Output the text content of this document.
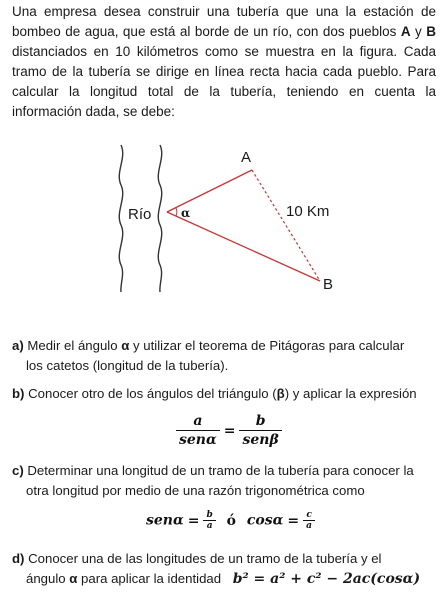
Una empresa desea construir una tubería que una la estación de bombeo de agua, que está al borde de un río, con dos pueblos A y B distanciados en 10 kilómetros como se muestra en la figura. Cada tramo de la tubería se dirige en línea recta hacia cada pueblo. Para calcular la longitud total de la tubería, teniendo en cuenta la información dada, se debe:
Río α
A
B
10 Km
a) Medir el ángulo α y utilizar el teorema de Pitágoras para calcular
los catetos (longitud de la tubería).
b) Conocer otro de los ángulos del triángulo (β) y aplicar la expresión
$\frac{a}{\text{senα}} = \frac{b}{\text{senβ}}$
c) Determinar una longitud de un tramo de la tubería para conocer la
otra longitud por medio de una razón trigonométrica como
$sen\alpha = \frac{b}{a}$ ó $\cos\alpha = \frac{c}{a}$
d) Conocer una de las longitudes de un tramo de la tubería y el
ángulo α para aplicar la identidad b² = a² + c² − 2ac(cosα)
